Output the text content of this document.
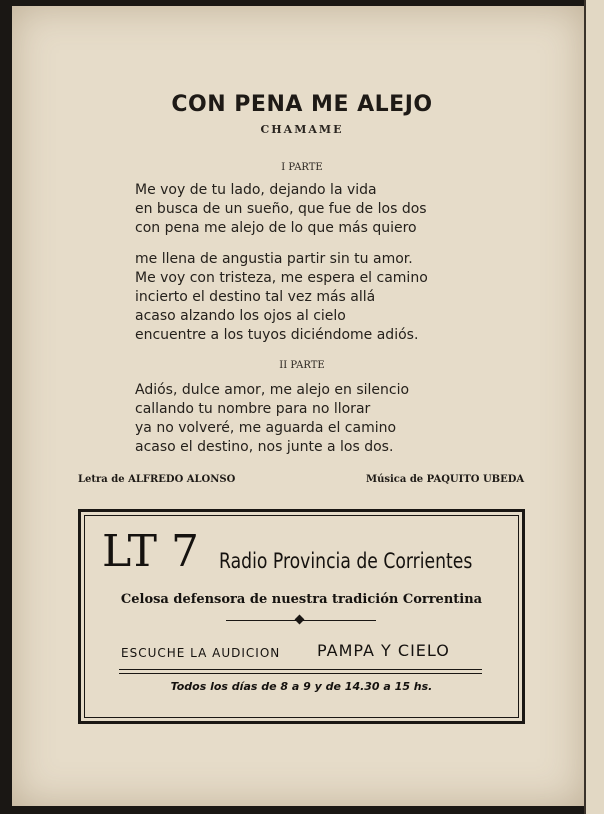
CON PENA ME ALEJO
CHAMAME
I PARTE
Me voy de tu lado, dejando la vida
en busca de un sueño, que fue de los dos
con pena me alejo de lo que más quiero
me llena de angustia partir sin tu amor.
Me voy con tristeza, me espera el camino
incierto el destino tal vez más allá
acaso alzando los ojos al cielo
encuentre a los tuyos diciéndome adiós.
II PARTE
Adiós, dulce amor, me alejo en silencio
callando tu nombre para no llorar
ya no volveré, me aguarda el camino
acaso el destino, nos junte a los dos.
Letra de ALFREDO ALONSO	Música de PAQUITO UBEDA
LT 7 Radio Provincia de Corrientes
Celosa defensora de nuestra tradición Correntina
ESCUCHE LA AUDICION PAMPA Y CIELO
Todos los días de 8 a 9 y de 14.30 a 15 hs.
